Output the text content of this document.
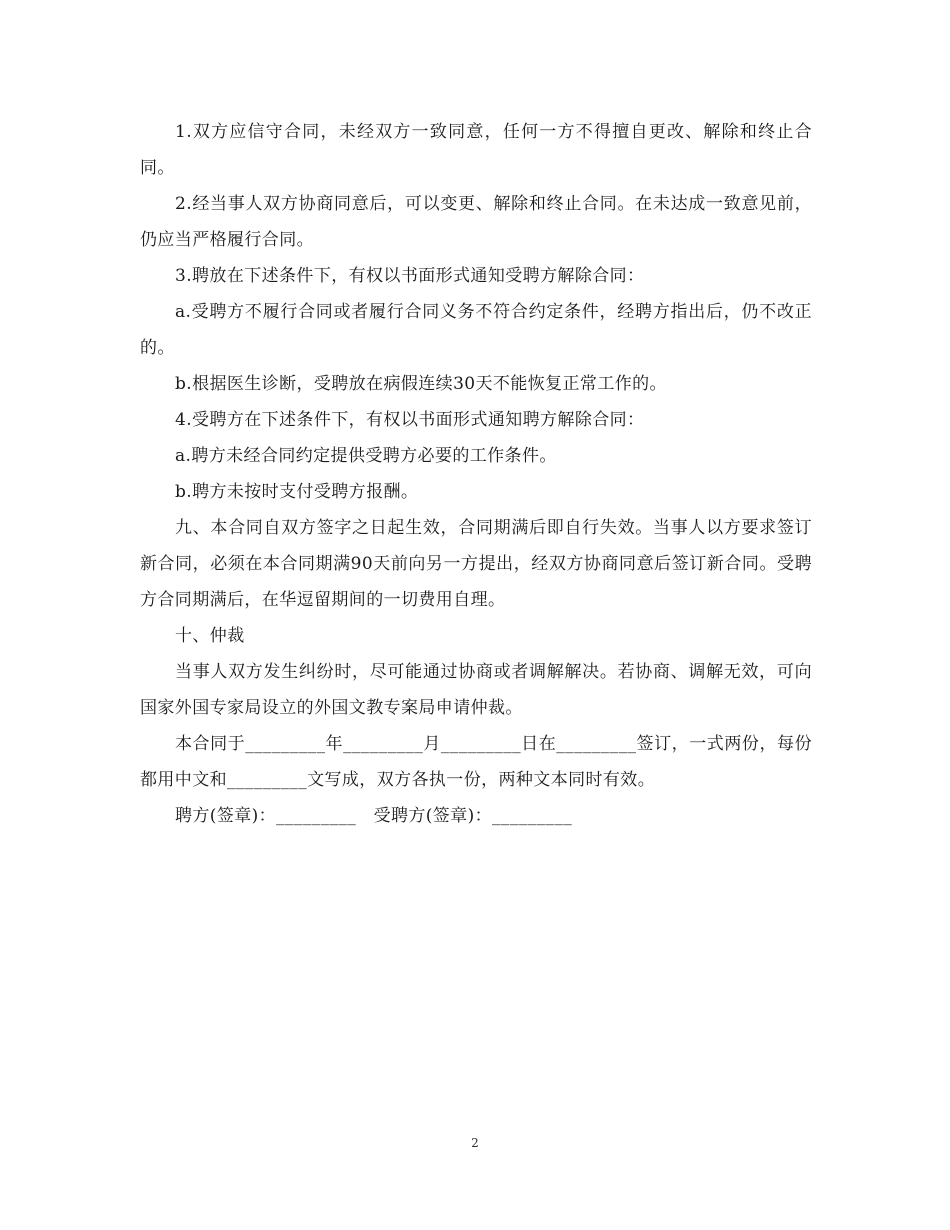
1.双方应信守合同，未经双方一致同意，任何一方不得擅自更改、解除和终止合同。

2.经当事人双方协商同意后，可以变更、解除和终止合同。在未达成一致意见前，仍应当严格履行合同。

3.聘放在下述条件下，有权以书面形式通知受聘方解除合同：

a.受聘方不履行合同或者履行合同义务不符合约定条件，经聘方指出后，仍不改正的。

b.根据医生诊断，受聘放在病假连续30天不能恢复正常工作的。

4.受聘方在下述条件下，有权以书面形式通知聘方解除合同：

a.聘方未经合同约定提供受聘方必要的工作条件。

b.聘方未按时支付受聘方报酬。

九、本合同自双方签字之日起生效，合同期满后即自行失效。当事人以方要求签订新合同，必须在本合同期满90天前向另一方提出，经双方协商同意后签订新合同。受聘方合同期满后，在华逗留期间的一切费用自理。

十、仲裁

当事人双方发生纠纷时，尽可能通过协商或者调解解决。若协商、调解无效，可向国家外国专家局设立的外国文教专案局申请仲裁。

本合同于_________年_________月_________日在_________签订，一式两份，每份都用中文和_________文写成，双方各执一份，两种文本同时有效。

聘方(签章)：_________　受聘方(签章)：_________

2
